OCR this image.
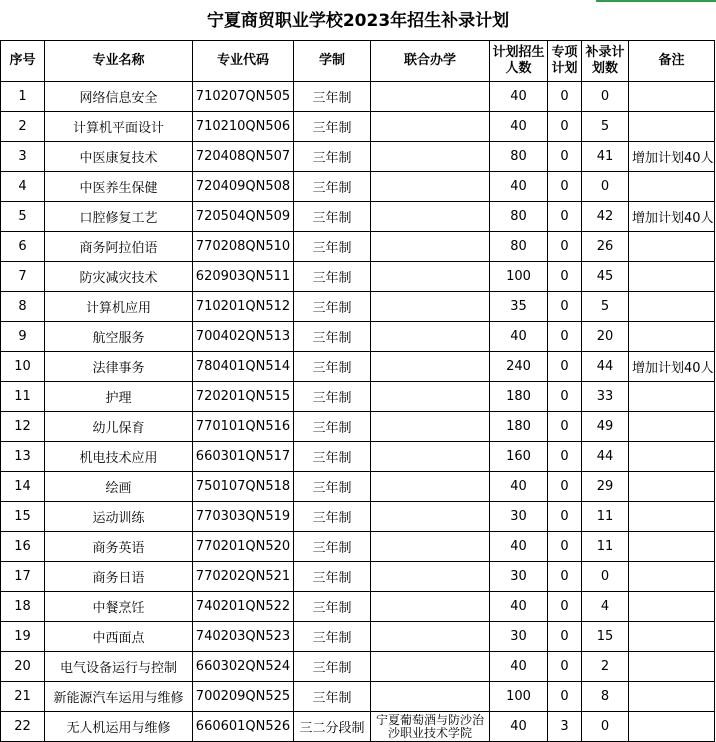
宁夏商贸职业学校2023年招生补录计划
序号	专业名称	专业代码	学制	联合办学	计划招生人数	专项计划	补录计划数	备注
1	网络信息安全	710207QN505	三年制		40	0	0	
2	计算机平面设计	710210QN506	三年制		40	0	5	
3	中医康复技术	720408QN507	三年制		80	0	41	增加计划40人
4	中医养生保健	720409QN508	三年制		40	0	0	
5	口腔修复工艺	720504QN509	三年制		80	0	42	增加计划40人
6	商务阿拉伯语	770208QN510	三年制		80	0	26	
7	防灾减灾技术	620903QN511	三年制		100	0	45	
8	计算机应用	710201QN512	三年制		35	0	5	
9	航空服务	700402QN513	三年制		40	0	20	
10	法律事务	780401QN514	三年制		240	0	44	增加计划40人
11	护理	720201QN515	三年制		180	0	33	
12	幼儿保育	770101QN516	三年制		180	0	49	
13	机电技术应用	660301QN517	三年制		160	0	44	
14	绘画	750107QN518	三年制		40	0	29	
15	运动训练	770303QN519	三年制		30	0	11	
16	商务英语	770201QN520	三年制		40	0	11	
17	商务日语	770202QN521	三年制		30	0	0	
18	中餐烹饪	740201QN522	三年制		40	0	4	
19	中西面点	740203QN523	三年制		30	0	15	
20	电气设备运行与控制	660302QN524	三年制		40	0	2	
21	新能源汽车运用与维修	700209QN525	三年制		100	0	8	
22	无人机运用与维修	660601QN526	三二分段制	宁夏葡萄酒与防沙治沙职业技术学院	40	3	0	
